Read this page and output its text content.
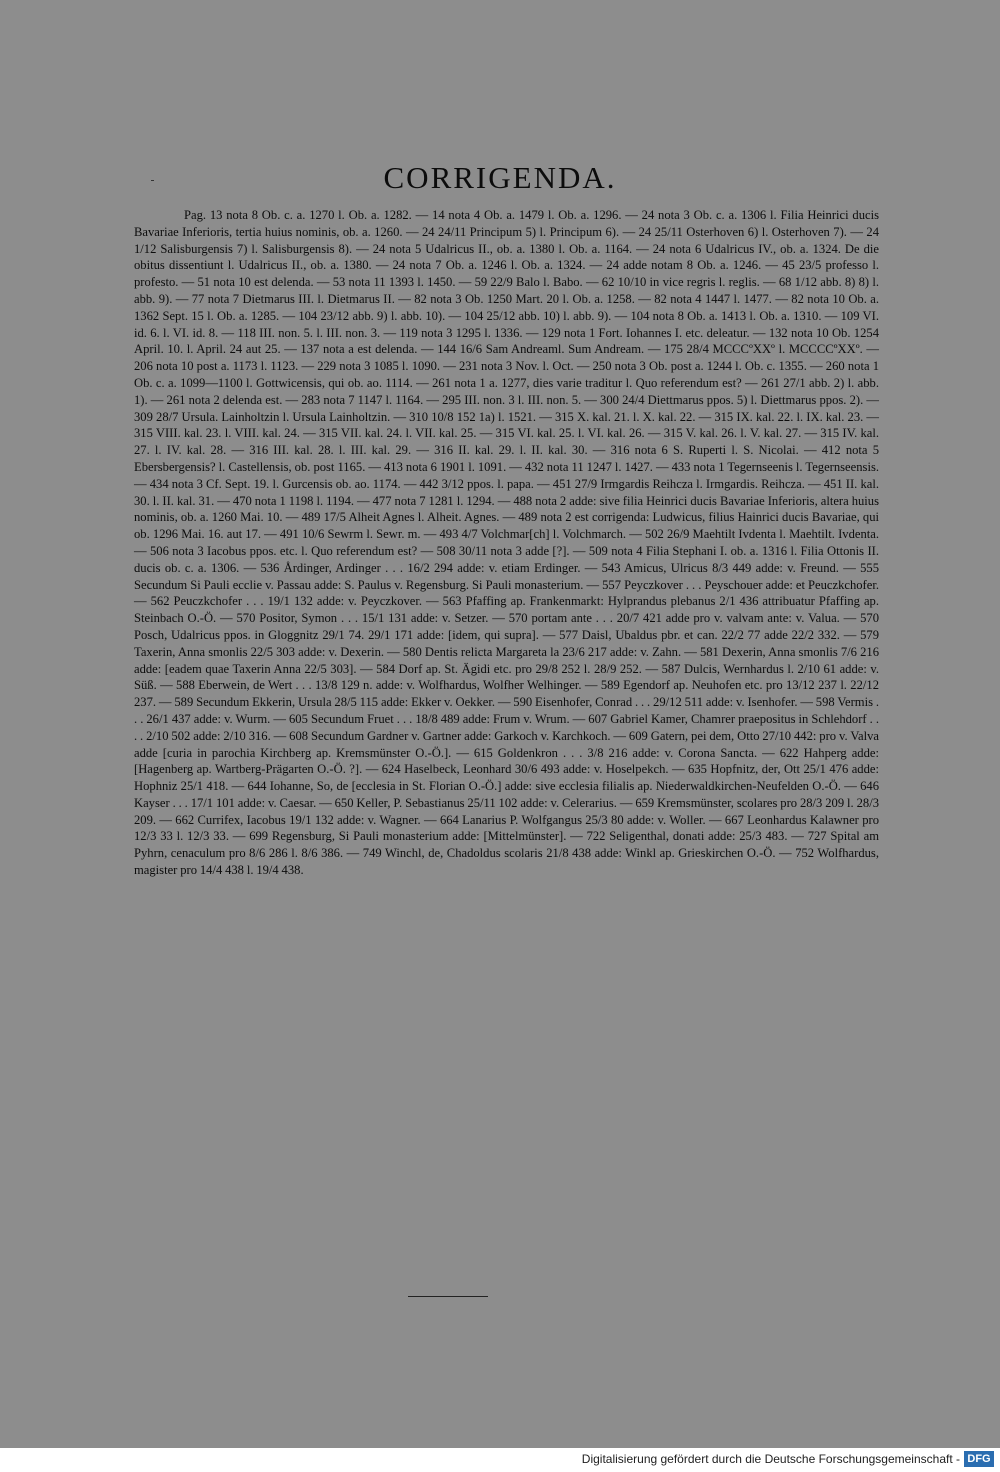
CORRIGENDA.
Pag. 13 nota 8 Ob. c. a. 1270 l. Ob. a. 1282. — 14 nota 4 Ob. a. 1479 l. Ob. a. 1296. — 24 nota 3 Ob. c. a. 1306 l. Filia Heinrici ducis Bavariae Inferioris, tertia huius nominis, ob. a. 1260. — 24 24/11 Principum 5) l. Principum 6). — 24 25/11 Osterhoven 6) l. Osterhoven 7). — 24 1/12 Salisburgensis 7) l. Salisburgensis 8). — 24 nota 5 Udalricus II., ob. a. 1380 l. Ob. a. 1164. — 24 nota 6 Udalricus IV., ob. a. 1324. De die obitus dissentiunt l. Udalricus II., ob. a. 1380. — 24 nota 7 Ob. a. 1246 l. Ob. a. 1324. — 24 adde notam 8 Ob. a. 1246. — 45 23/5 professo l. profesto. — 51 nota 10 est delenda. — 53 nota 11 1393 l. 1450. — 59 22/9 Balo l. Babo. — 62 10/10 in vice regris l. reglis. — 68 1/12 abb. 8) 8) l. abb. 9). — 77 nota 7 Dietmarus III. l. Dietmarus II. — 82 nota 3 Ob. 1250 Mart. 20 l. Ob. a. 1258. — 82 nota 4 1447 l. 1477. — 82 nota 10 Ob. a. 1362 Sept. 15 l. Ob. a. 1285. — 104 23/12 abb. 9) l. abb. 10). — 104 25/12 abb. 10) l. abb. 9). — 104 nota 8 Ob. a. 1413 l. Ob. a. 1310. — 109 VI. id. 6. l. VI. id. 8. — 118 III. non. 5. l. III. non. 3. — 119 nota 3 1295 l. 1336. — 129 nota 1 Fort. Iohannes I. etc. deleatur. — 132 nota 10 Ob. 1254 April. 10. l. April. 24 aut 25. — 137 nota a est delenda. — 144 16/6 Sam Andreaml. Sum Andream. — 175 28/4 MCCCºXXº l. MCCCCºXXº. — 206 nota 10 post a. 1173 l. 1123. — 229 nota 3 1085 l. 1090. — 231 nota 3 Nov. l. Oct. — 250 nota 3 Ob. post a. 1244 l. Ob. c. 1355. — 260 nota 1 Ob. c. a. 1099—1100 l. Gottwicensis, qui ob. ao. 1114. — 261 nota 1 a. 1277, dies varie traditur l. Quo referendum est? — 261 27/1 abb. 2) l. abb. 1). — 261 nota 2 delenda est. — 283 nota 7 1147 l. 1164. — 295 III. non. 3 l. III. non. 5. — 300 24/4 Diettmarus ppos. 5) l. Diettmarus ppos. 2). — 309 28/7 Ursula. Lainholtzin l. Ursula Lainholtzin. — 310 10/8 152 1a) l. 1521. — 315 X. kal. 21. l. X. kal. 22. — 315 IX. kal. 22. l. IX. kal. 23. — 315 VIII. kal. 23. l. VIII. kal. 24. — 315 VII. kal. 24. l. VII. kal. 25. — 315 VI. kal. 25. l. VI. kal. 26. — 315 V. kal. 26. l. V. kal. 27. — 315 IV. kal. 27. l. IV. kal. 28. — 316 III. kal. 28. l. III. kal. 29. — 316 II. kal. 29. l. II. kal. 30. — 316 nota 6 S. Ruperti l. S. Nicolai. — 412 nota 5 Ebersbergensis? l. Castellensis, ob. post 1165. — 413 nota 6 1901 l. 1091. — 432 nota 11 1247 l. 1427. — 433 nota 1 Tegernseenis l. Tegernseensis. — 434 nota 3 Cf. Sept. 19. l. Gurcensis ob. ao. 1174. — 442 3/12 ppos. l. papa. — 451 27/9 Irmgardis Reihcza l. Irmgardis. Reihcza. — 451 II. kal. 30. l. II. kal. 31. — 470 nota 1 1198 l. 1194. — 477 nota 7 1281 l. 1294. — 488 nota 2 adde: sive filia Heinrici ducis Bavariae Inferioris, altera huius nominis, ob. a. 1260 Mai. 10. — 489 17/5 Alheit Agnes l. Alheit. Agnes. — 489 nota 2 est corrigenda: Ludwicus, filius Hainrici ducis Bavariae, qui ob. 1296 Mai. 16. aut 17. — 491 10/6 Sewrm l. Sewr. m. — 493 4/7 Volchmar[ch] l. Volchmarch. — 502 26/9 Maehtilt Ivdenta l. Maehtilt. Ivdenta. — 506 nota 3 Iacobus ppos. etc. l. Quo referendum est? — 508 30/11 nota 3 adde [?]. — 509 nota 4 Filia Stephani I. ob. a. 1316 l. Filia Ottonis II. ducis ob. c. a. 1306. — 536 Årdinger, Ardinger . . . 16/2 294 adde: v. etiam Erdinger. — 543 Amicus, Ulricus 8/3 449 adde: v. Freund. — 555 Secundum Si Pauli ecclie v. Passau adde: S. Paulus v. Regensburg. Si Pauli monasterium. — 557 Peyczkover . . . Peyschouer adde: et Peuczkchofer. — 562 Peuczkchofer . . . 19/1 132 adde: v. Peyczkover. — 563 Pfaffing ap. Frankenmarkt: Hylprandus plebanus 2/1 436 attribuatur Pfaffing ap. Steinbach O.-Ö. — 570 Positor, Symon . . . 15/1 131 adde: v. Setzer. — 570 portam ante . . . 20/7 421 adde pro v. valvam ante: v. Valua. — 570 Posch, Udalricus ppos. in Gloggnitz 29/1 74. 29/1 171 adde: [idem, qui supra]. — 577 Daisl, Ubaldus pbr. et can. 22/2 77 adde 22/2 332. — 579 Taxerin, Anna smonlis 22/5 303 adde: v. Dexerin. — 580 Dentis relicta Margareta la 23/6 217 adde: v. Zahn. — 581 Dexerin, Anna smonlis 7/6 216 adde: [eadem quae Taxerin Anna 22/5 303]. — 584 Dorf ap. St. Ägidi etc. pro 29/8 252 l. 28/9 252. — 587 Dulcis, Wernhardus l. 2/10 61 adde: v. Süß. — 588 Eberwein, de Wert . . . 13/8 129 n. adde: v. Wolfhardus, Wolfher Welhinger. — 589 Egendorf ap. Neuhofen etc. pro 13/12 237 l. 22/12 237. — 589 Secundum Ekkerin, Ursula 28/5 115 adde: Ekker v. Oekker. — 590 Eisenhofer, Conrad . . . 29/12 511 adde: v. Isenhofer. — 598 Vermis . . . 26/1 437 adde: v. Wurm. — 605 Secundum Fruet . . . 18/8 489 adde: Frum v. Wrum. — 607 Gabriel Kamer, Chamrer praepositus in Schlehdorf . . . . 2/10 502 adde: 2/10 316. — 608 Secundum Gardner v. Gartner adde: Garkoch v. Karchkoch. — 609 Gatern, pei dem, Otto 27/10 442: pro v. Valva adde [curia in parochia Kirchberg ap. Kremsmünster O.-Ö.]. — 615 Goldenkron . . . 3/8 216 adde: v. Corona Sancta. — 622 Hahperg adde: [Hagenberg ap. Wartberg-Prägarten O.-Ö. ?]. — 624 Haselbeck, Leonhard 30/6 493 adde: v. Hoselpekch. — 635 Hopfnitz, der, Ott 25/1 476 adde: Hophniz 25/1 418. — 644 Iohanne, So, de [ecclesia in St. Florian O.-Ö.] adde: sive ecclesia filialis ap. Niederwaldkirchen-Neufelden O.-Ö. — 646 Kayser . . . 17/1 101 adde: v. Caesar. — 650 Keller, P. Sebastianus 25/11 102 adde: v. Celerarius. — 659 Kremsmünster, scolares pro 28/3 209 l. 28/3 209. — 662 Currifex, Iacobus 19/1 132 adde: v. Wagner. — 664 Lanarius P. Wolfgangus 25/3 80 adde: v. Woller. — 667 Leonhardus Kalawner pro 12/3 33 l. 12/3 33. — 699 Regensburg, Si Pauli monasterium adde: [Mittelmünster]. — 722 Seligenthal, donati adde: 25/3 483. — 727 Spital am Pyhrn, cenaculum pro 8/6 286 l. 8/6 386. — 749 Winchl, de, Chadoldus scolaris 21/8 438 adde: Winkl ap. Grieskirchen O.-Ö. — 752 Wolfhardus, magister pro 14/4 438 l. 19/4 438.
Digitalisierung gefördert durch die Deutsche Forschungsgemeinschaft - DFG
